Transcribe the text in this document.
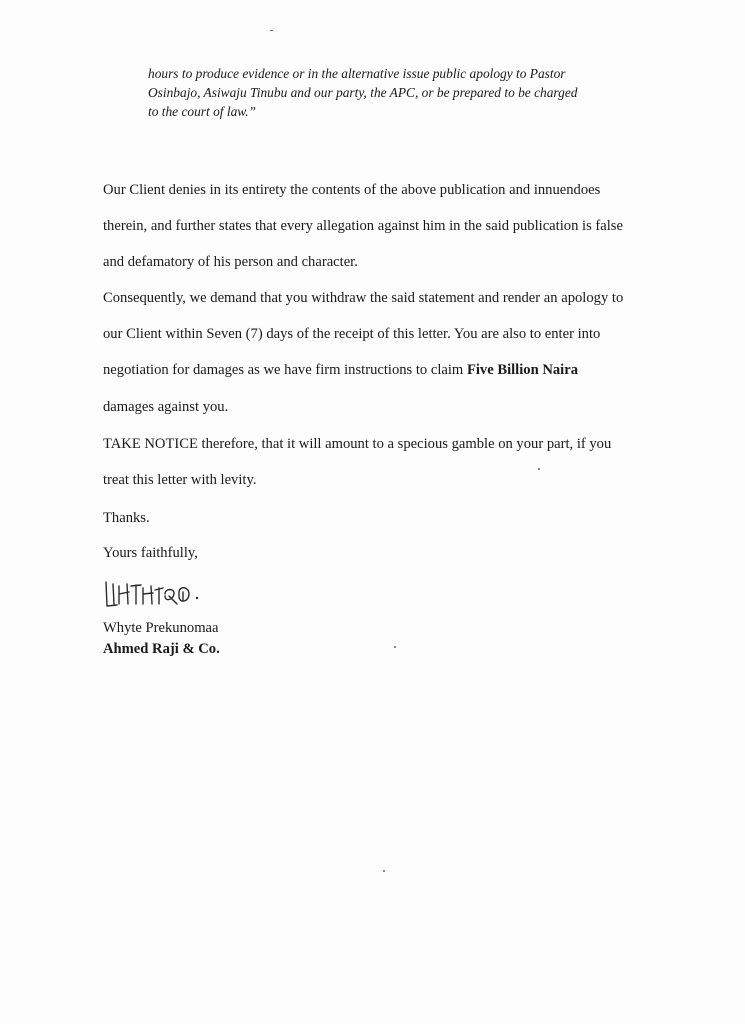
hours to produce evidence or in the alternative issue public apology to Pastor
Osinbajo, Asiwaju Tinubu and our party, the APC, or be prepared to be charged
to the court of law.”
Our Client denies in its entirety the contents of the above publication and innuendoes
therein, and further states that every allegation against him in the said publication is false
and defamatory of his person and character.
Consequently, we demand that you withdraw the said statement and render an apology to
our Client within Seven (7) days of the receipt of this letter. You are also to enter into
negotiation for damages as we have firm instructions to claim Five Billion Naira
damages against you.
TAKE NOTICE therefore, that it will amount to a specious gamble on your part, if you
treat this letter with levity.
Thanks.
Yours faithfully,
Whyte Prekunomaa
Ahmed Raji & Co.
